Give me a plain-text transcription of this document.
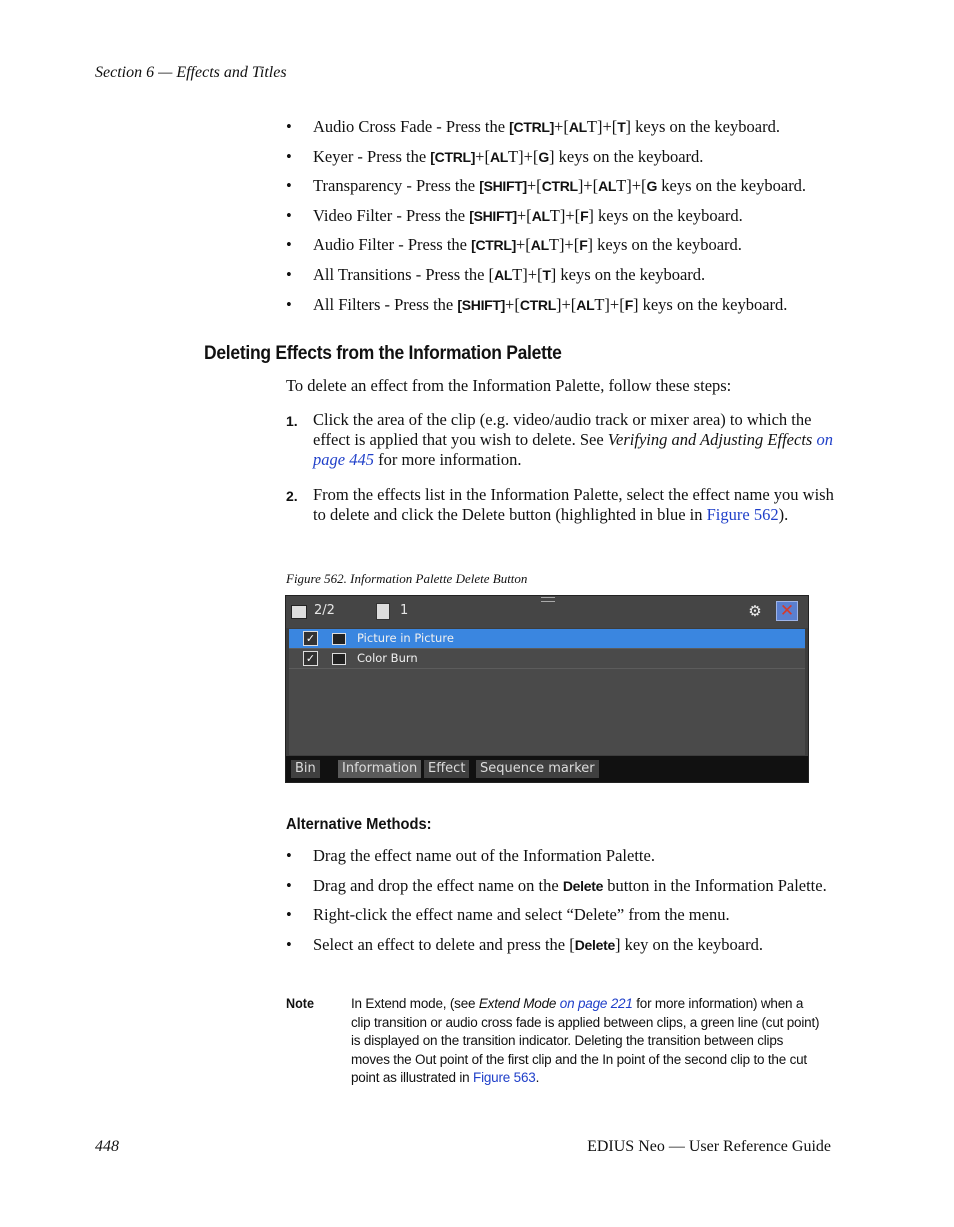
Section 6 — Effects and Titles
• Audio Cross Fade - Press the [CTRL]+[ALT]+[T] keys on the keyboard.
• Keyer - Press the [CTRL]+[ALT]+[G] keys on the keyboard.
• Transparency - Press the [SHIFT]+[CTRL]+[ALT]+[G keys on the keyboard.
• Video Filter - Press the [SHIFT]+[ALT]+[F] keys on the keyboard.
• Audio Filter - Press the [CTRL]+[ALT]+[F] keys on the keyboard.
• All Transitions - Press the [ALT]+[T] keys on the keyboard.
• All Filters - Press the [SHIFT]+[CTRL]+[ALT]+[F] keys on the keyboard.
Deleting Effects from the Information Palette
To delete an effect from the Information Palette, follow these steps:
1. Click the area of the clip (e.g. video/audio track or mixer area) to which the effect is applied that you wish to delete. See Verifying and Adjusting Effects on page 445 for more information.
2. From the effects list in the Information Palette, select the effect name you wish to delete and click the Delete button (highlighted in blue in Figure 562).
Figure 562. Information Palette Delete Button
2/2	1	⚙ ✕
✓	Picture in Picture
✓	Color Burn
Bin	Information Effect	Sequence marker
Alternative Methods:
• Drag the effect name out of the Information Palette.
• Drag and drop the effect name on the Delete button in the Information Palette.
• Right-click the effect name and select “Delete” from the menu.
• Select an effect to delete and press the [Delete] key on the keyboard.
Note	In Extend mode, (see Extend Mode on page 221 for more information) when a clip transition or audio cross fade is applied between clips, a green line (cut point) is displayed on the transition indicator. Deleting the transition between clips moves the Out point of the first clip and the In point of the second clip to the cut point as illustrated in Figure 563.
448	EDIUS Neo — User Reference Guide
